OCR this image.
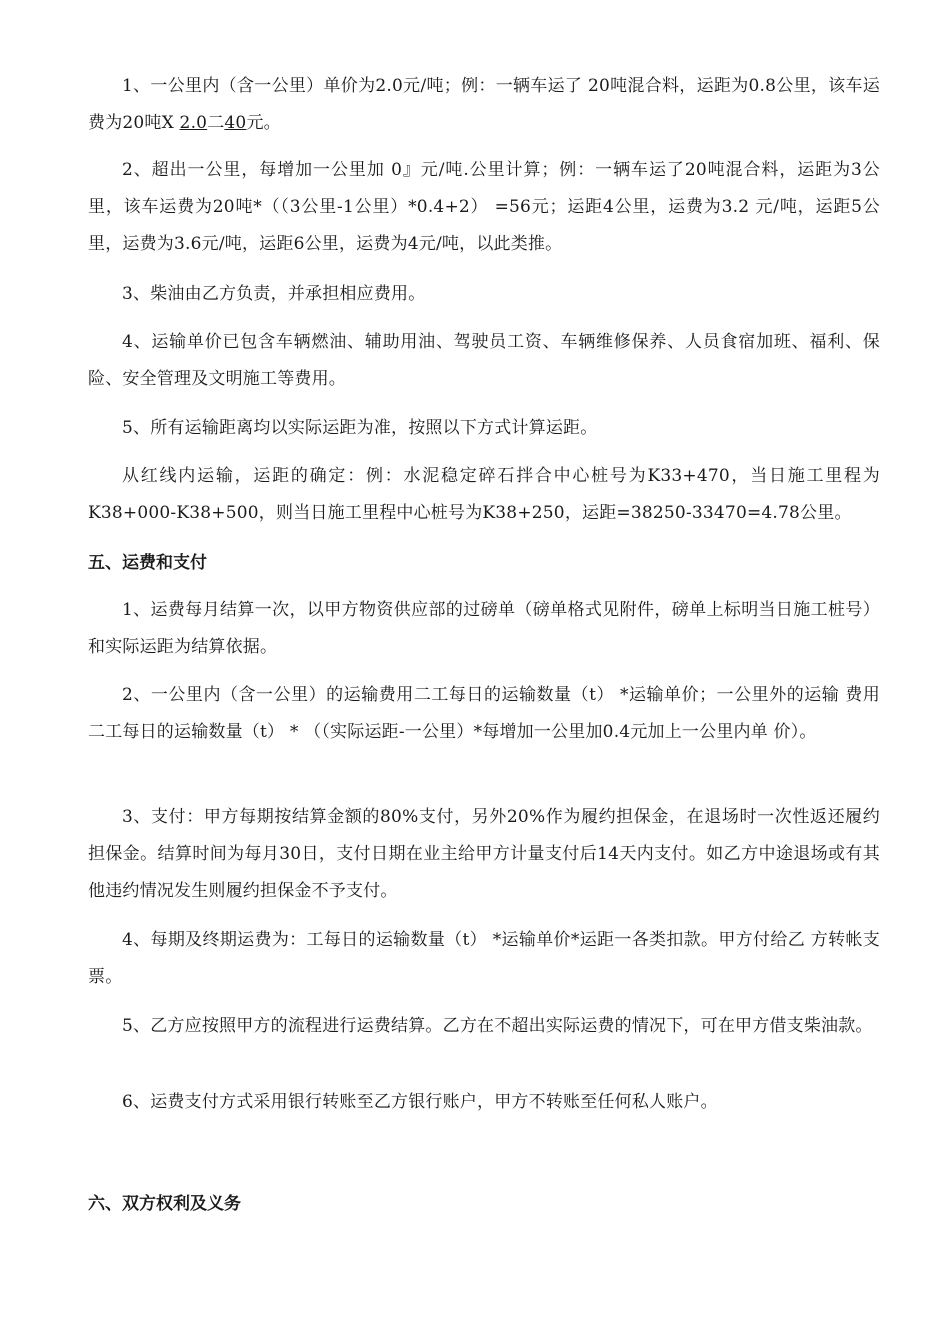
1、一公里内（含一公里）单价为2.0元/吨；例：一辆车运了 20吨混合料，运距为0.8公里，该车运费为20吨X 2.0二40元。

2、超出一公里，每增加一公里加 0』元/吨.公里计算；例：一辆车运了20吨混合料，运距为3公里，该车运费为20吨*（（3公里-1公里）*0.4+2） =56元；运距4公里，运费为3.2 元/吨，运距5公里，运费为3.6元/吨，运距6公里，运费为4元/吨，以此类推。

3、柴油由乙方负责，并承担相应费用。

4、运输单价已包含车辆燃油、辅助用油、驾驶员工资、车辆维修保养、人员食宿加班、福利、保险、安全管理及文明施工等费用。

5、所有运输距离均以实际运距为准，按照以下方式计算运距。

从红线内运输，运距的确定：例：水泥稳定碎石拌合中心桩号为K33+470，当日施工里程为K38+000-K38+500，则当日施工里程中心桩号为K38+250，运距=38250-33470=4.78公里。

五、运费和支付

1、运费每月结算一次，以甲方物资供应部的过磅单（磅单格式见附件，磅单上标明当日施工桩号）和实际运距为结算依据。

2、一公里内（含一公里）的运输费用二工每日的运输数量（t） *运输单价；一公里外的运输 费用二工每日的运输数量（t） * （（实际运距-一公里）*每增加一公里加0.4元加上一公里内单 价）。

3、支付：甲方每期按结算金额的80%支付，另外20%作为履约担保金，在退场时一次性返还履约担保金。结算时间为每月30日，支付日期在业主给甲方计量支付后14天内支付。如乙方中途退场或有其他违约情况发生则履约担保金不予支付。

4、每期及终期运费为：工每日的运输数量（t） *运输单价*运距一各类扣款。甲方付给乙 方转帐支票。

5、乙方应按照甲方的流程进行运费结算。乙方在不超出实际运费的情况下，可在甲方借支柴油款。

6、运费支付方式采用银行转账至乙方银行账户，甲方不转账至任何私人账户。

六、双方权利及义务
